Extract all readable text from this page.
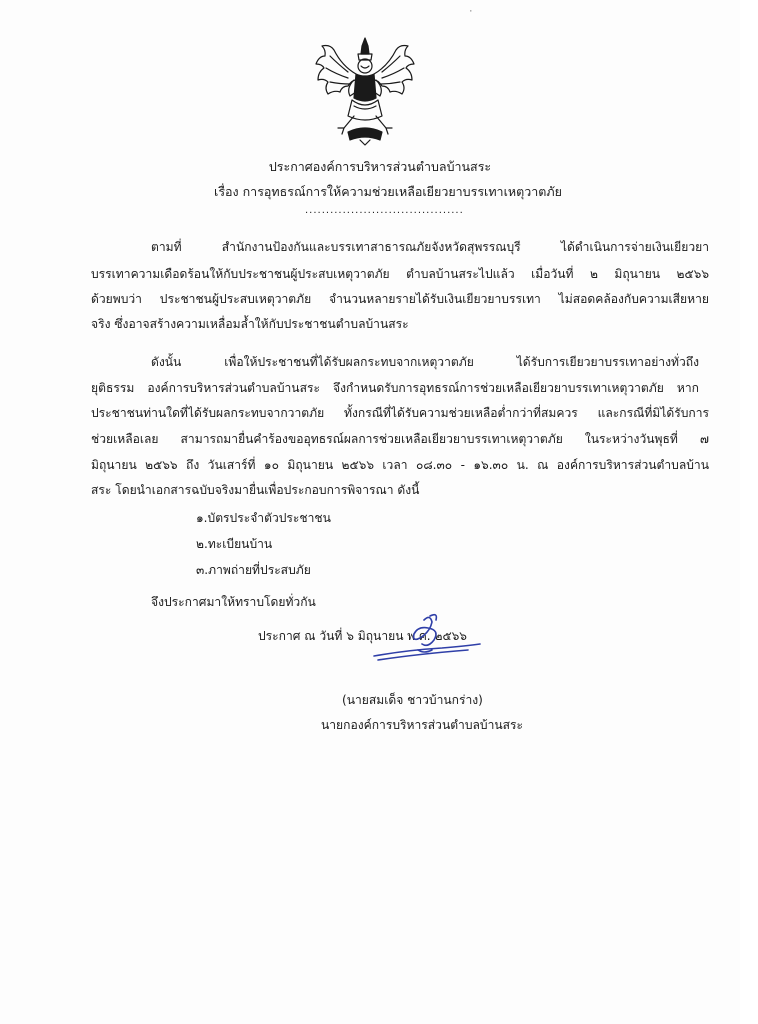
ประกาศองค์การบริหารส่วนตำบลบ้านสระ
เรื่อง การอุทธรณ์การให้ความช่วยเหลือเยียวยาบรรเทาเหตุวาตภัย
......................................
ตามที่ สำนักงานป้องกันและบรรเทาสาธารณภัยจังหวัดสุพรรณบุรี ได้ดำเนินการจ่ายเงินเยียวยา
บรรเทาความเดือดร้อนให้กับประชาชนผู้ประสบเหตุวาตภัย ตำบลบ้านสระไปแล้ว เมื่อวันที่ ๒ มิถุนายน ๒๕๖๖
ด้วยพบว่า ประชาชนผู้ประสบเหตุวาตภัย จำนวนหลายรายได้รับเงินเยียวยาบรรเทา ไม่สอดคล้องกับความเสียหาย
จริง ซึ่งอาจสร้างความเหลื่อมล้ำให้กับประชาชนตำบลบ้านสระ
ดังนั้น เพื่อให้ประชาชนที่ได้รับผลกระทบจากเหตุวาตภัย ได้รับการเยียวยาบรรเทาอย่างทั่วถึง
ยุติธรรม องค์การบริหารส่วนตำบลบ้านสระ จึงกำหนดรับการอุทธรณ์การช่วยเหลือเยียวยาบรรเทาเหตุวาตภัย หาก
ประชาชนท่านใดที่ได้รับผลกระทบจากวาตภัย ทั้งกรณีที่ได้รับความช่วยเหลือต่ำกว่าที่สมควร และกรณีที่มิได้รับการ
ช่วยเหลือเลย สามารถมายื่นคำร้องขออุทธรณ์ผลการช่วยเหลือเยียวยาบรรเทาเหตุวาตภัย ในระหว่างวันพุธที่ ๗
มิถุนายน ๒๕๖๖ ถึง วันเสาร์ที่ ๑๐ มิถุนายน ๒๕๖๖ เวลา ๐๘.๓๐ - ๑๖.๓๐ น. ณ องค์การบริหารส่วนตำบลบ้าน
สระ โดยนำเอกสารฉบับจริงมายื่นเพื่อประกอบการพิจารณา ดังนี้
๑.บัตรประจำตัวประชาชน
๒.ทะเบียนบ้าน
๓.ภาพถ่ายที่ประสบภัย
จึงประกาศมาให้ทราบโดยทั่วกัน
ประกาศ ณ วันที่ ๖ มิถุนายน พ.ศ. ๒๕๖๖
(นายสมเด็จ ชาวบ้านกร่าง)
นายกองค์การบริหารส่วนตำบลบ้านสระ
